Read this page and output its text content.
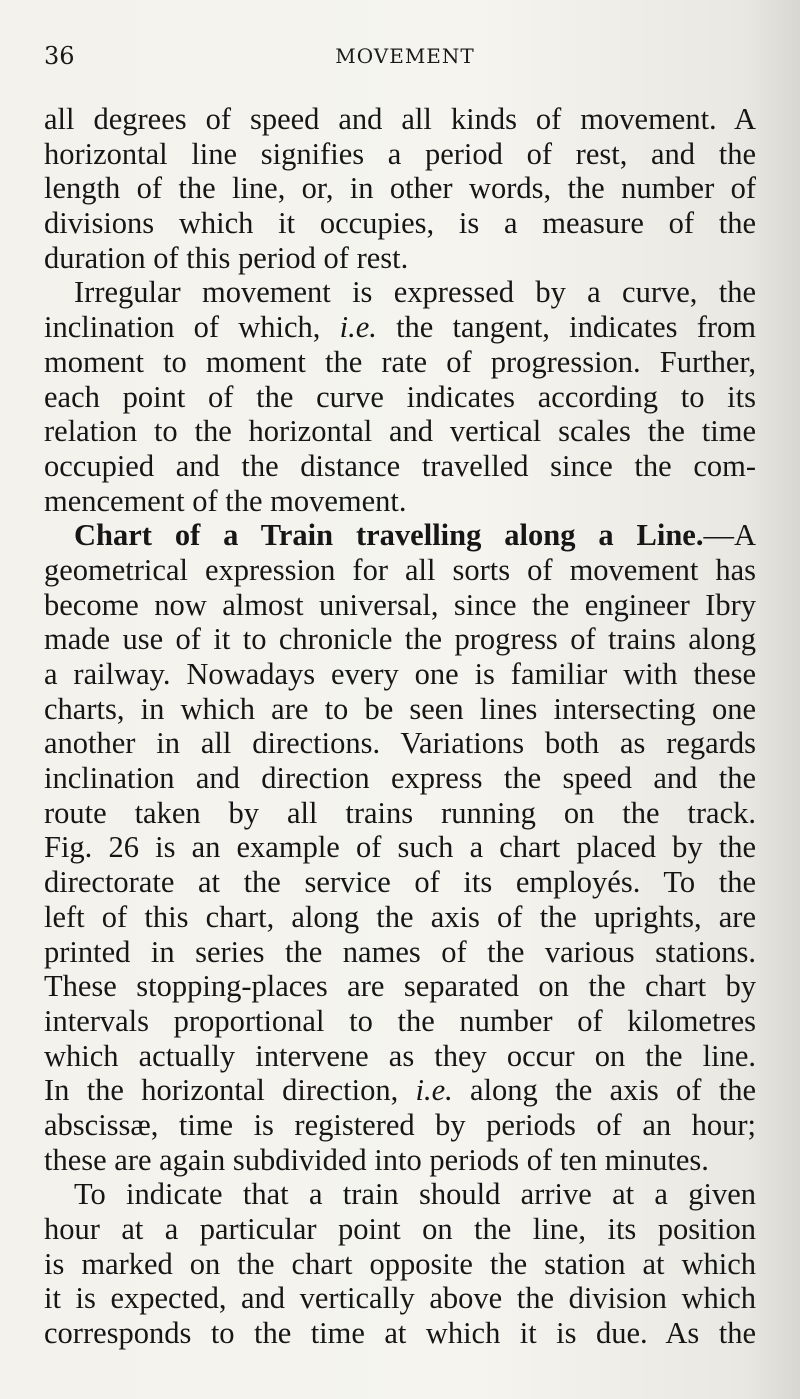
36	MOVEMENT
all degrees of speed and all kinds of movement. A
horizontal line signifies a period of rest, and the
length of the line, or, in other words, the number of
divisions which it occupies, is a measure of the
duration of this period of rest.
Irregular movement is expressed by a curve, the
inclination of which, i.e. the tangent, indicates from
moment to moment the rate of progression. Further,
each point of the curve indicates according to its
relation to the horizontal and vertical scales the time
occupied and the distance travelled since the com-
mencement of the movement.
Chart of a Train travelling along a Line.—A
geometrical expression for all sorts of movement has
become now almost universal, since the engineer Ibry
made use of it to chronicle the progress of trains along
a railway. Nowadays every one is familiar with these
charts, in which are to be seen lines intersecting one
another in all directions. Variations both as regards
inclination and direction express the speed and the
route taken by all trains running on the track.
Fig. 26 is an example of such a chart placed by the
directorate at the service of its employés. To the
left of this chart, along the axis of the uprights, are
printed in series the names of the various stations.
These stopping-places are separated on the chart by
intervals proportional to the number of kilometres
which actually intervene as they occur on the line.
In the horizontal direction, i.e. along the axis of the
abscissæ, time is registered by periods of an hour;
these are again subdivided into periods of ten minutes.
To indicate that a train should arrive at a given
hour at a particular point on the line, its position
is marked on the chart opposite the station at which
it is expected, and vertically above the division which
corresponds to the time at which it is due. As the
